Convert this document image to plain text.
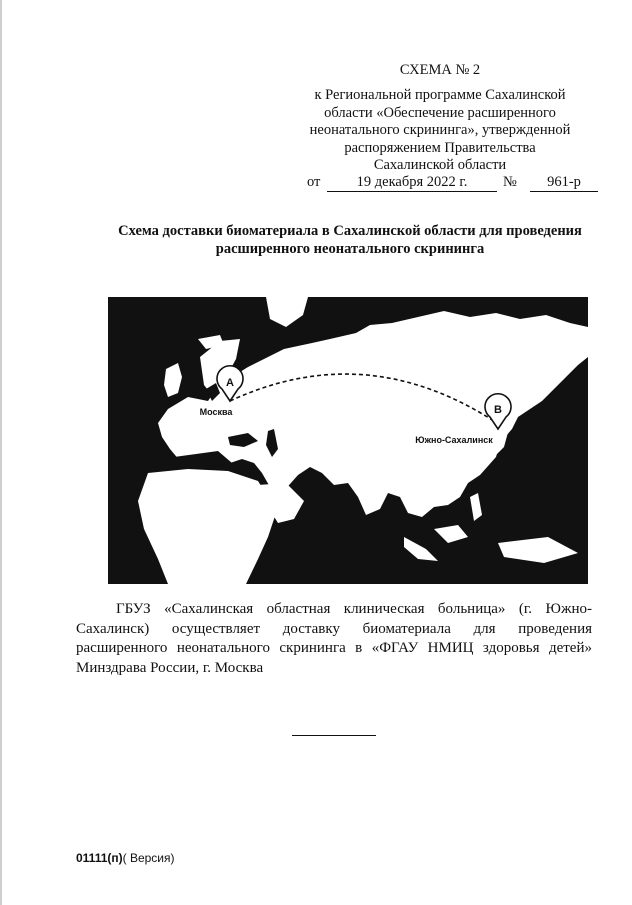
СХЕМА № 2
к Региональной программе Сахалинской
области «Обеспечение расширенного
неонатального скрининга», утвержденной
распоряжением Правительства
Сахалинской области
от	19 декабря 2022 г.	№	961-р
Схема доставки биоматериала в Сахалинской области для проведения расширенного неонатального скрининга
A
Москва	B
Южно-Сахалинск

ГБУЗ «Сахалинская областная клиническая больница» (г. Южно-Сахалинск) осуществляет доставку биоматериала для проведения расширенного неонатального скрининга в «ФГАУ НМИЦ здоровья детей» Минздрава России, г. Москва

01111(п)( Версия)
